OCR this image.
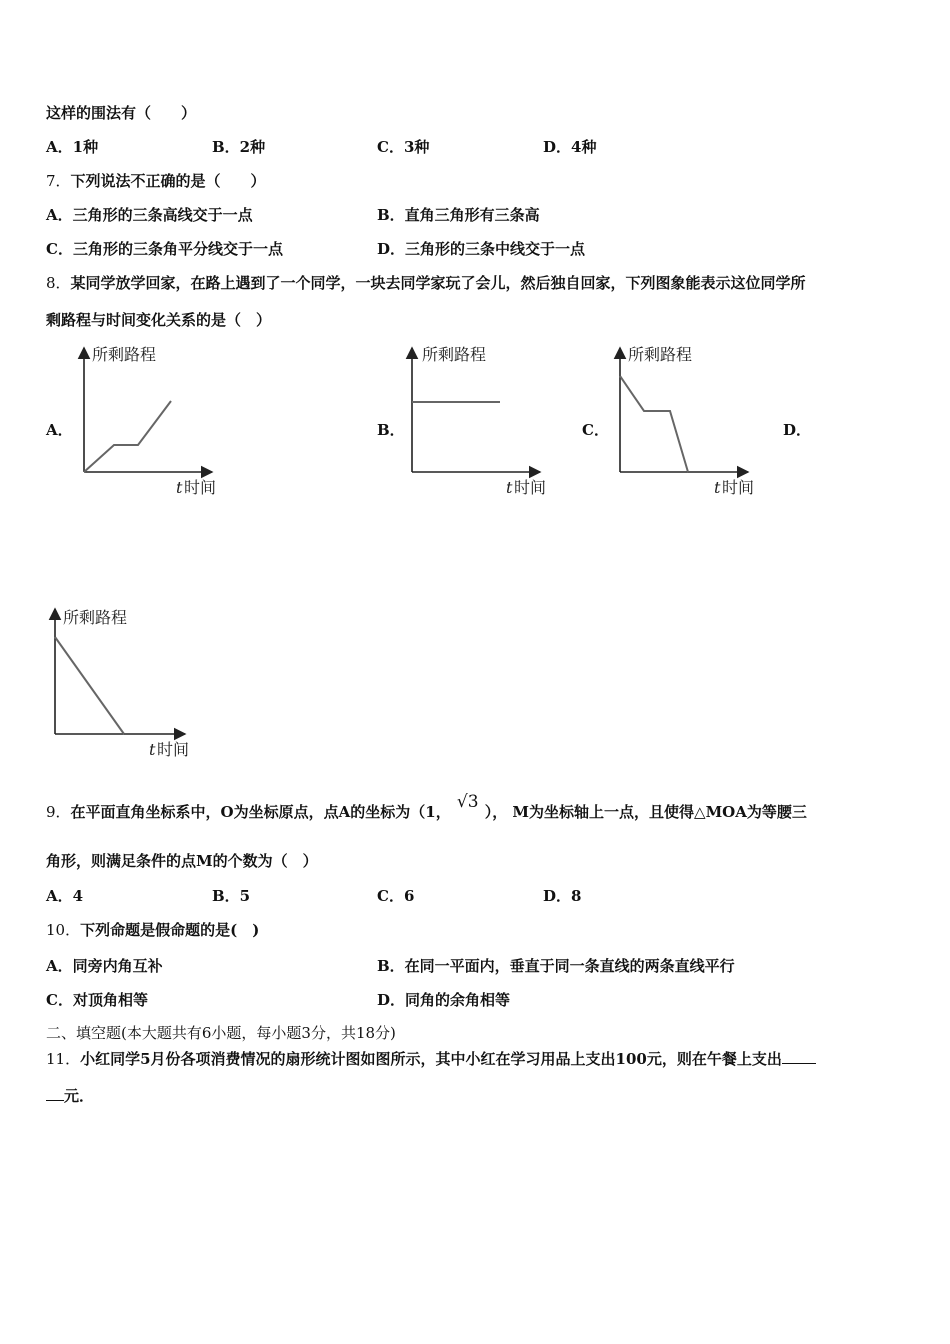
这样的围法有（　　）
A．1种	B．2种	C．3种	D．4种
7．下列说法不正确的是（　　）
A．三角形的三条高线交于一点	B．直角三角形有三条高
C．三角形的三条角平分线交于一点	D．三角形的三条中线交于一点
8．某同学放学回家，在路上遇到了一个同学，一块去同学家玩了会儿，然后独自回家，下列图象能表示这位同学所
剩路程与时间变化关系的是（　）
A．	B．	C．	D．
所剩路程
t 时间
所剩路程
t 时间
所剩路程
t 时间
所剩路程
t 时间
9．在平面直角坐标系中，O为坐标原点，点A的坐标为（1， √3 ）， M为坐标轴上一点，且使得△MOA为等腰三
角形，则满足条件的点M的个数为（　）
A．4	B．5	C．6	D．8
10．下列命题是假命题的是(　)
A．同旁内角互补	B．在同一平面内，垂直于同一条直线的两条直线平行
C．对顶角相等	D．同角的余角相等
二、填空题(本大题共有6小题，每小题3分，共18分)
11．小红同学5月份各项消费情况的扇形统计图如图所示，其中小红在学习用品上支出100元，则在午餐上支出
元．
